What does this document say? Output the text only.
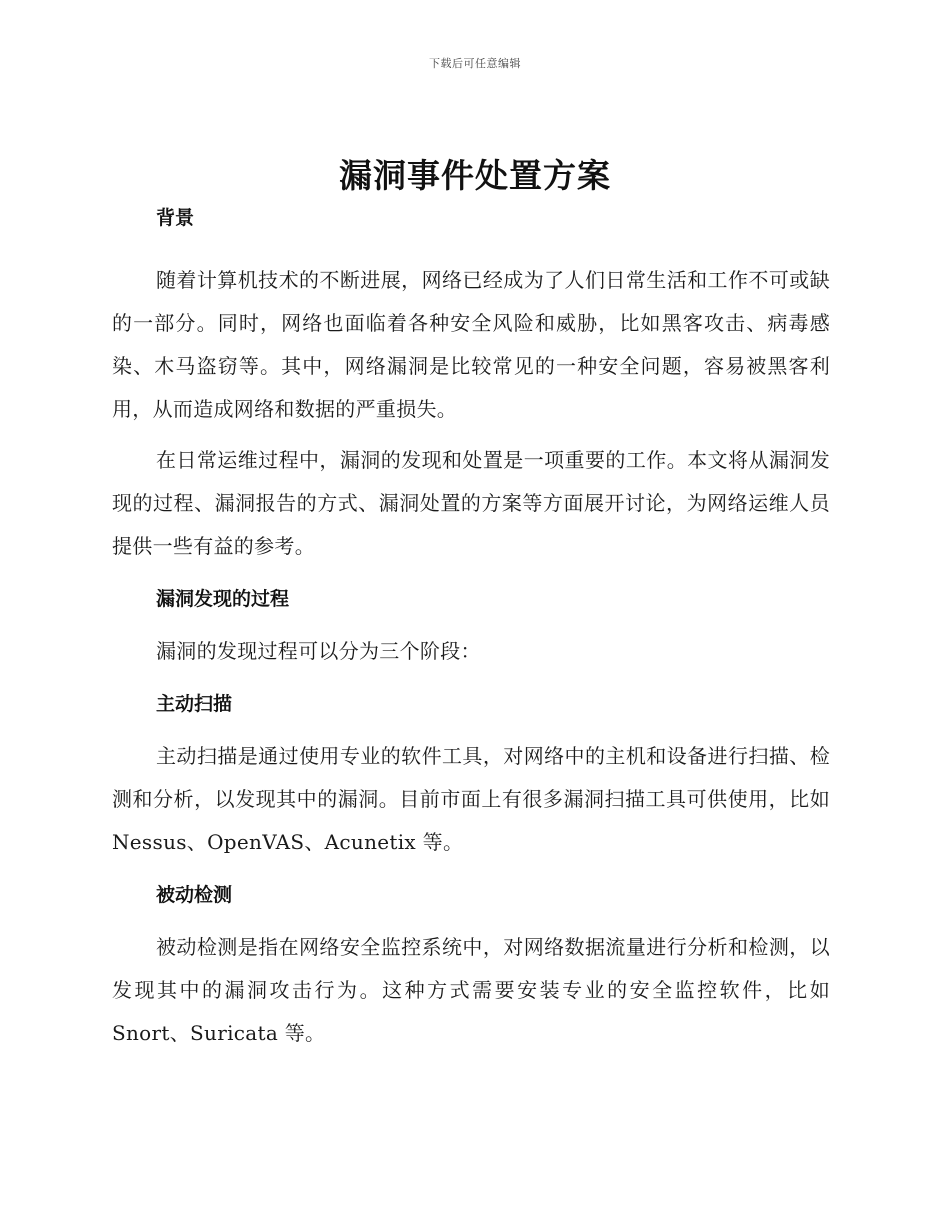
下载后可任意编辑
漏洞事件处置方案
背景

随着计算机技术的不断进展，网络已经成为了人们日常生活和工作不可或缺的一部分。同时，网络也面临着各种安全风险和威胁，比如黑客攻击、病毒感染、木马盗窃等。其中，网络漏洞是比较常见的一种安全问题，容易被黑客利用，从而造成网络和数据的严重损失。

在日常运维过程中，漏洞的发现和处置是一项重要的工作。本文将从漏洞发现的过程、漏洞报告的方式、漏洞处置的方案等方面展开讨论，为网络运维人员提供一些有益的参考。

漏洞发现的过程

漏洞的发现过程可以分为三个阶段：

主动扫描

主动扫描是通过使用专业的软件工具，对网络中的主机和设备进行扫描、检测和分析，以发现其中的漏洞。目前市面上有很多漏洞扫描工具可供使用，比如 Nessus、OpenVAS、Acunetix 等。

被动检测

被动检测是指在网络安全监控系统中，对网络数据流量进行分析和检测，以发现其中的漏洞攻击行为。这种方式需要安装专业的安全监控软件，比如 Snort、Suricata 等。
